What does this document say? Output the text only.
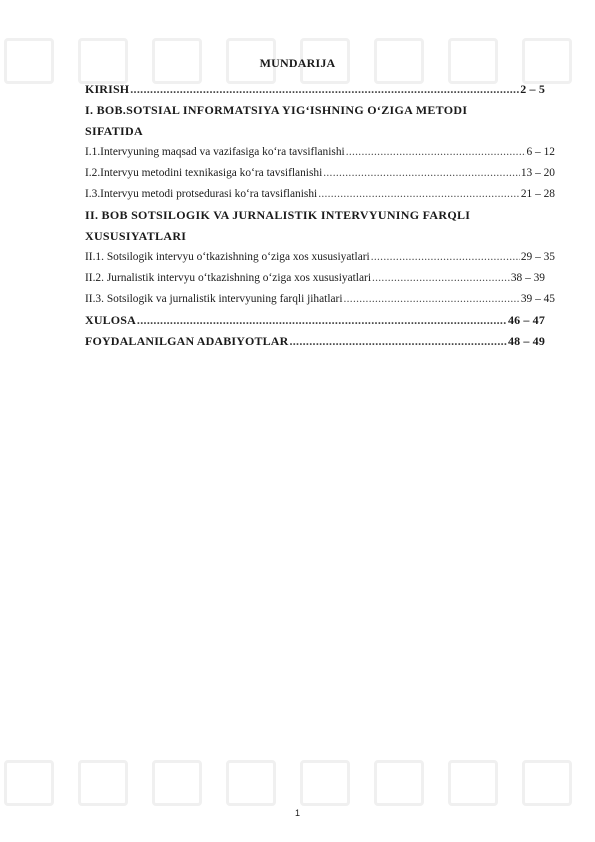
MUNDARIJA
KIRISH .....	2 – 5
I. BOB.SOTSIAL INFORMATSIYA YIG‘ISHNING O‘ZIGA METODI
SIFATIDA
I.1.Intervyuning maqsad va vazifasiga ko‘ra tavsiflanishi .....	6 – 12
I.2.Intervyu metodini texnikasiga ko‘ra tavsiflanishi .....	13 – 20
I.3.Intervyu metodi protsedurasi ko‘ra tavsiflanishi .....	21 – 28
II. BOB SOTSILOGIK VA JURNALISTIK INTERVYUNING FARQLI
XUSUSIYATLARI
II.1. Sotsilogik intervyu o‘tkazishning o‘ziga xos xususiyatlari .....	29 – 35
II.2. Jurnalistik intervyu o‘tkazishning o‘ziga xos xususiyatlari .....	38 – 39
II.3. Sotsilogik va jurnalistik intervyuning farqli jihatlari .....	39 – 45
XULOSA .....	46 – 47
FOYDALANILGAN ADABIYOTLAR .....	48 – 49
1
